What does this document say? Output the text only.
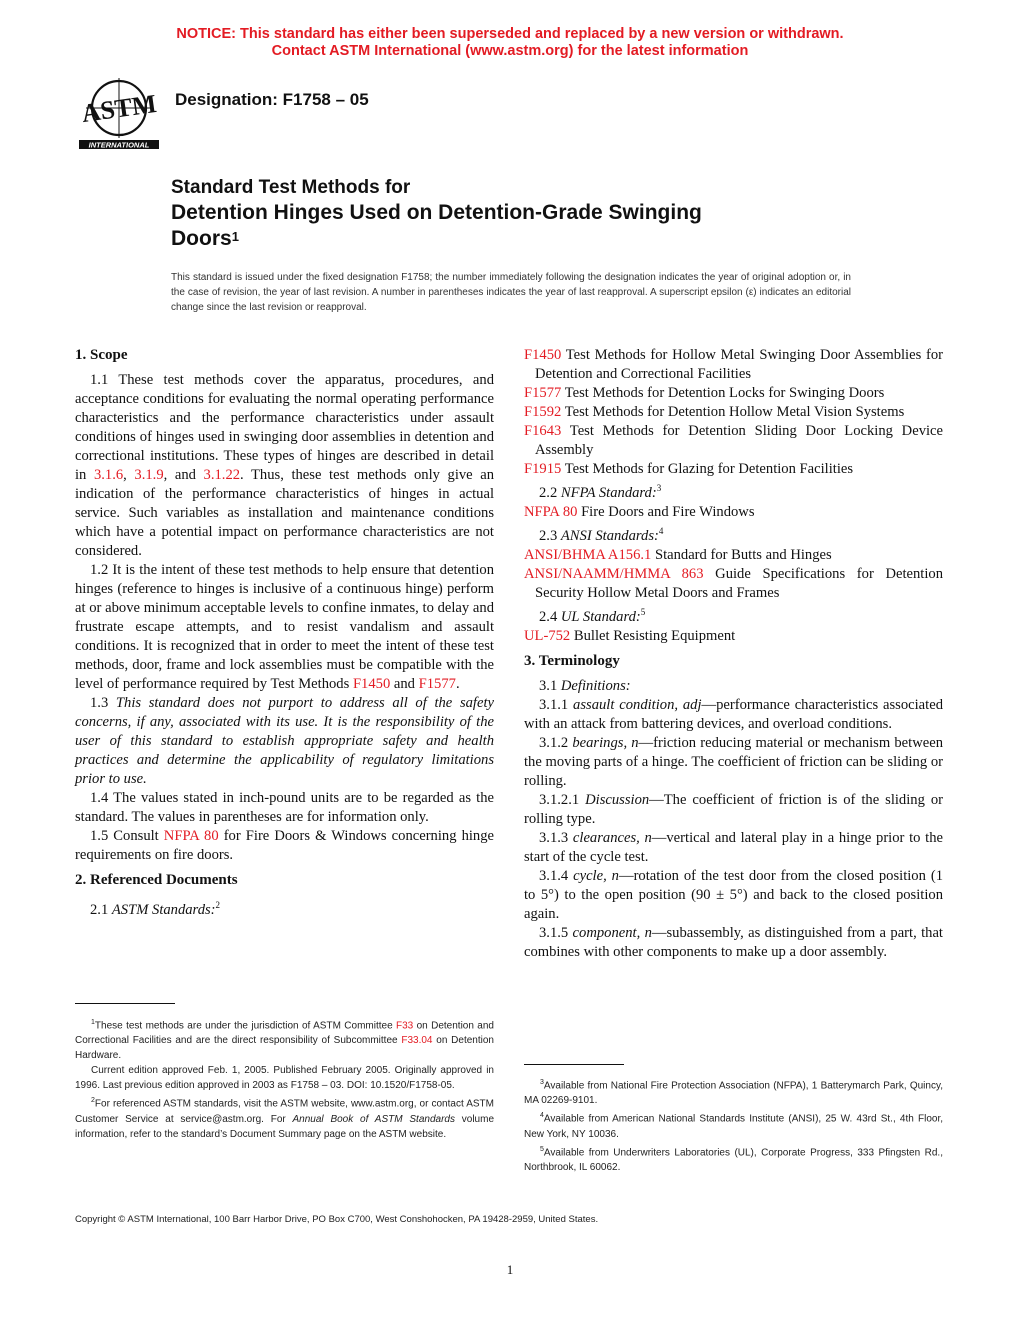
NOTICE: This standard has either been superseded and replaced by a new version or withdrawn.
Contact ASTM International (www.astm.org) for the latest information
ASTM
INTERNATIONAL
Designation: F1758 – 05
Standard Test Methods for
Detention Hinges Used on Detention-Grade Swinging
Doors$^1$
This standard is issued under the fixed designation F1758; the number immediately following the designation indicates the year of original adoption or, in the case of revision, the year of last revision. A number in parentheses indicates the year of last reapproval. A superscript epsilon (ε) indicates an editorial change since the last revision or reapproval.
1. Scope

1.1 These test methods cover the apparatus, procedures, and acceptance conditions for evaluating the normal operating performance characteristics and the performance characteristics under assault conditions of hinges used in swinging door assemblies in detention and correctional institutions. These types of hinges are described in detail in 3.1.6, 3.1.9, and 3.1.22. Thus, these test methods only give an indication of the performance characteristics of hinges in actual service. Such variables as installation and maintenance conditions which have a potential impact on performance characteristics are not considered.

1.2 It is the intent of these test methods to help ensure that detention hinges (reference to hinges is inclusive of a continuous hinge) perform at or above minimum acceptable levels to confine inmates, to delay and frustrate escape attempts, and to resist vandalism and assault conditions. It is recognized that in order to meet the intent of these test methods, door, frame and lock assemblies must be compatible with the level of performance required by Test Methods F1450 and F1577.

1.3 This standard does not purport to address all of the safety concerns, if any, associated with its use. It is the responsibility of the user of this standard to establish appropriate safety and health practices and determine the applicability of regulatory limitations prior to use.

1.4 The values stated in inch-pound units are to be regarded as the standard. The values in parentheses are for information only.

1.5 Consult NFPA 80 for Fire Doors & Windows concerning hinge requirements on fire doors.

2. Referenced Documents

2.1 ASTM Standards:$^2$

$^1$These test methods are under the jurisdiction of ASTM Committee F33 on Detention and Correctional Facilities and are the direct responsibility of Subcommittee F33.04 on Detention Hardware.

Current edition approved Feb. 1, 2005. Published February 2005. Originally approved in 1996. Last previous edition approved in 2003 as F1758 – 03. DOI: 10.1520/F1758-05.

$^2$For referenced ASTM standards, visit the ASTM website, www.astm.org, or contact ASTM Customer Service at service@astm.org. For Annual Book of ASTM Standards volume information, refer to the standard’s Document Summary page on the ASTM website.

F1450 Test Methods for Hollow Metal Swinging Door Assemblies for Detention and Correctional Facilities

F1577 Test Methods for Detention Locks for Swinging Doors

F1592 Test Methods for Detention Hollow Metal Vision Systems

F1643 Test Methods for Detention Sliding Door Locking Device Assembly

F1915 Test Methods for Glazing for Detention Facilities

2.2 NFPA Standard:$^3$

NFPA 80 Fire Doors and Fire Windows

2.3 ANSI Standards:$^4$

ANSI/BHMA A156.1 Standard for Butts and Hinges

ANSI/NAAMM/HMMA 863 Guide Specifications for Detention Security Hollow Metal Doors and Frames

2.4 UL Standard:$^5$

UL-752 Bullet Resisting Equipment

3. Terminology

3.1 Definitions:

3.1.1 assault condition, adj—performance characteristics associated with an attack from battering devices, and overload conditions.

3.1.2 bearings, n—friction reducing material or mechanism between the moving parts of a hinge. The coefficient of friction can be sliding or rolling.

3.1.2.1 Discussion—The coefficient of friction is of the sliding or rolling type.

3.1.3 clearances, n—vertical and lateral play in a hinge prior to the start of the cycle test.

3.1.4 cycle, n—rotation of the test door from the closed position (1 to 5°) to the open position (90 ± 5°) and back to the closed position again.

3.1.5 component, n—subassembly, as distinguished from a part, that combines with other components to make up a door assembly.

$^3$Available from National Fire Protection Association (NFPA), 1 Batterymarch Park, Quincy, MA 02269-9101.

$^4$Available from American National Standards Institute (ANSI), 25 W. 43rd St., 4th Floor, New York, NY 10036.

$^5$Available from Underwriters Laboratories (UL), Corporate Progress, 333 Pfingsten Rd., Northbrook, IL 60062.

Copyright © ASTM International, 100 Barr Harbor Drive, PO Box C700, West Conshohocken, PA 19428-2959, United States.
1
